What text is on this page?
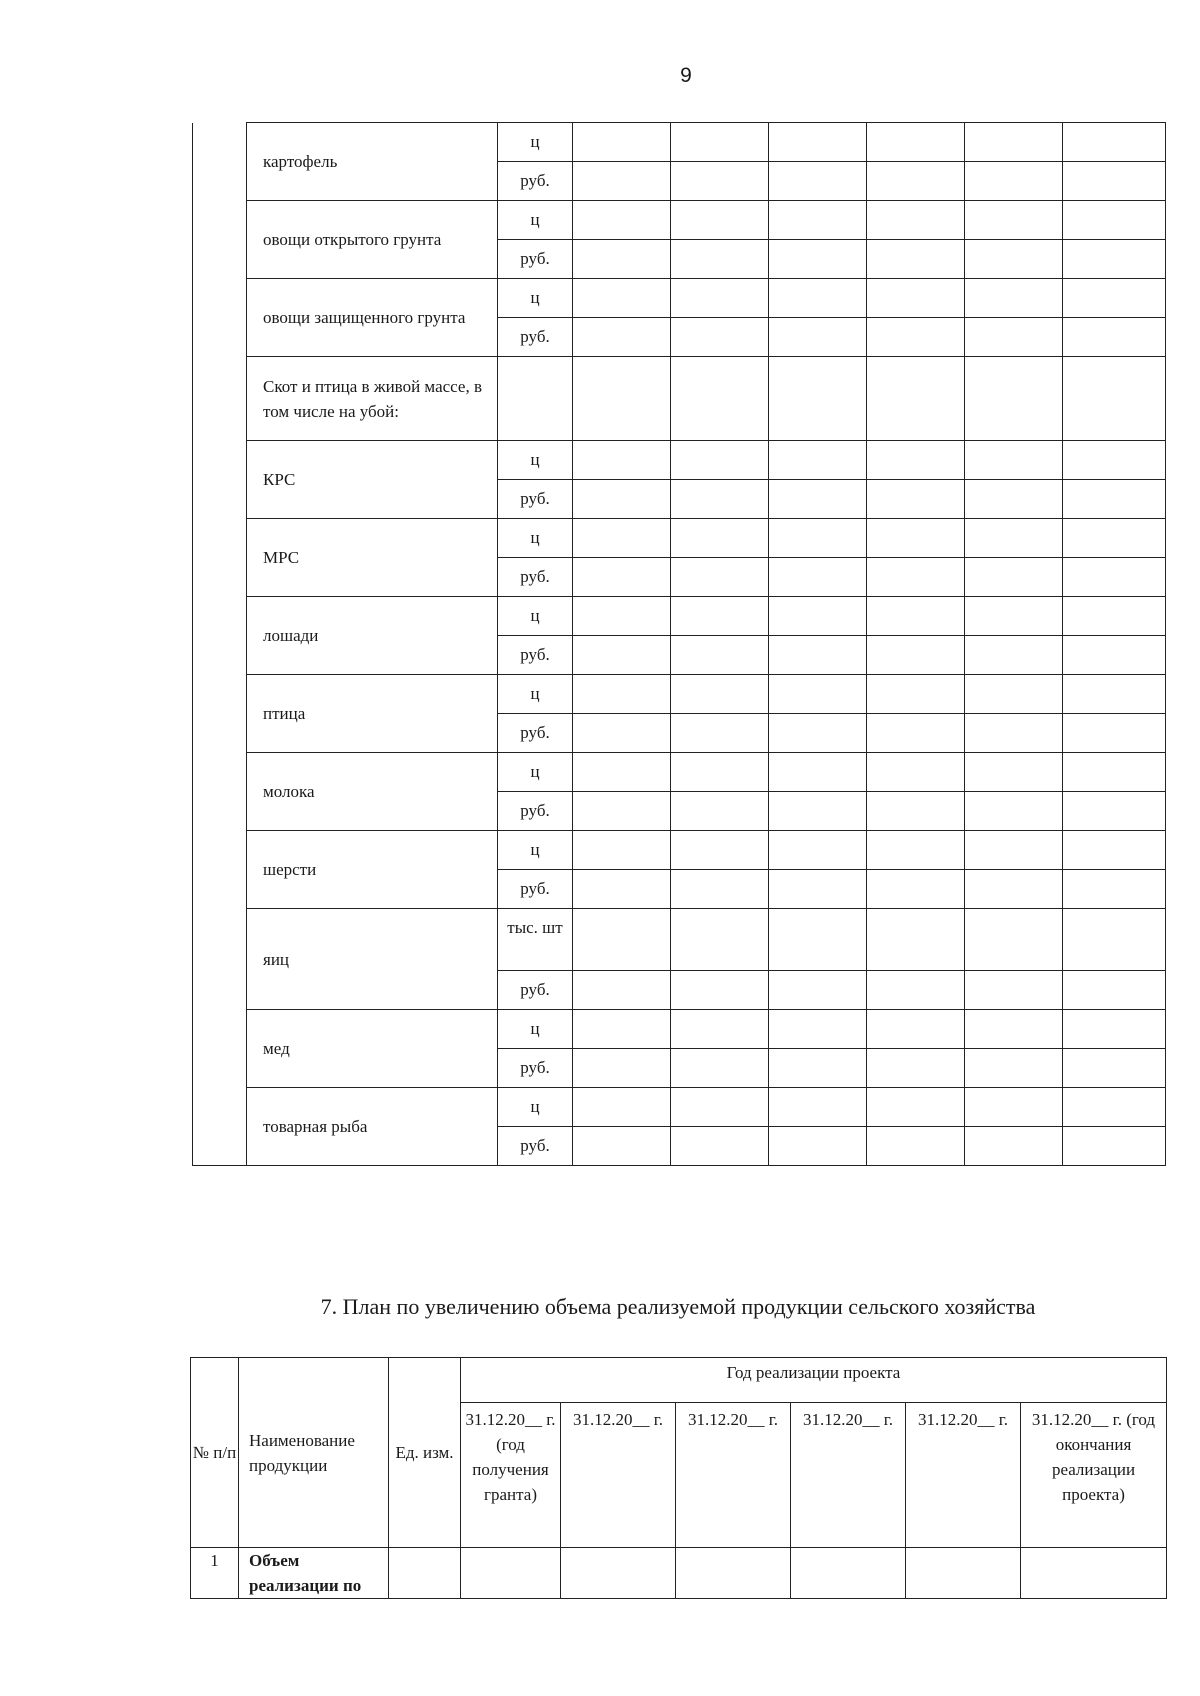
9
	картофель	ц						
		руб.						
	овощи открытого грунта	ц						
		руб.						
	овощи защищенного грунта	ц						
		руб.						
	Скот и птица в живой массе, в том числе на убой:							
	КРС	ц						
		руб.						
	МРС	ц						
		руб.						
	лошади	ц						
		руб.						
	птица	ц						
		руб.						
	молока	ц						
		руб.						
	шерсти	ц						
		руб.						
	яиц	тыс. шт						
		руб.						
	мед	ц						
		руб.						
	товарная рыба	ц						
		руб.						
7. План по увеличению объема реализуемой продукции сельского хозяйства
№ п/п	Наименование продукции	Ед. изм.	Год реализации проекта					
			31.12.20__ г. (год получения гранта)	31.12.20__ г.	31.12.20__ г.	31.12.20__ г.	31.12.20__ г.	31.12.20__ г. (год окончания реализации проекта)
1	Объем реализации по							
